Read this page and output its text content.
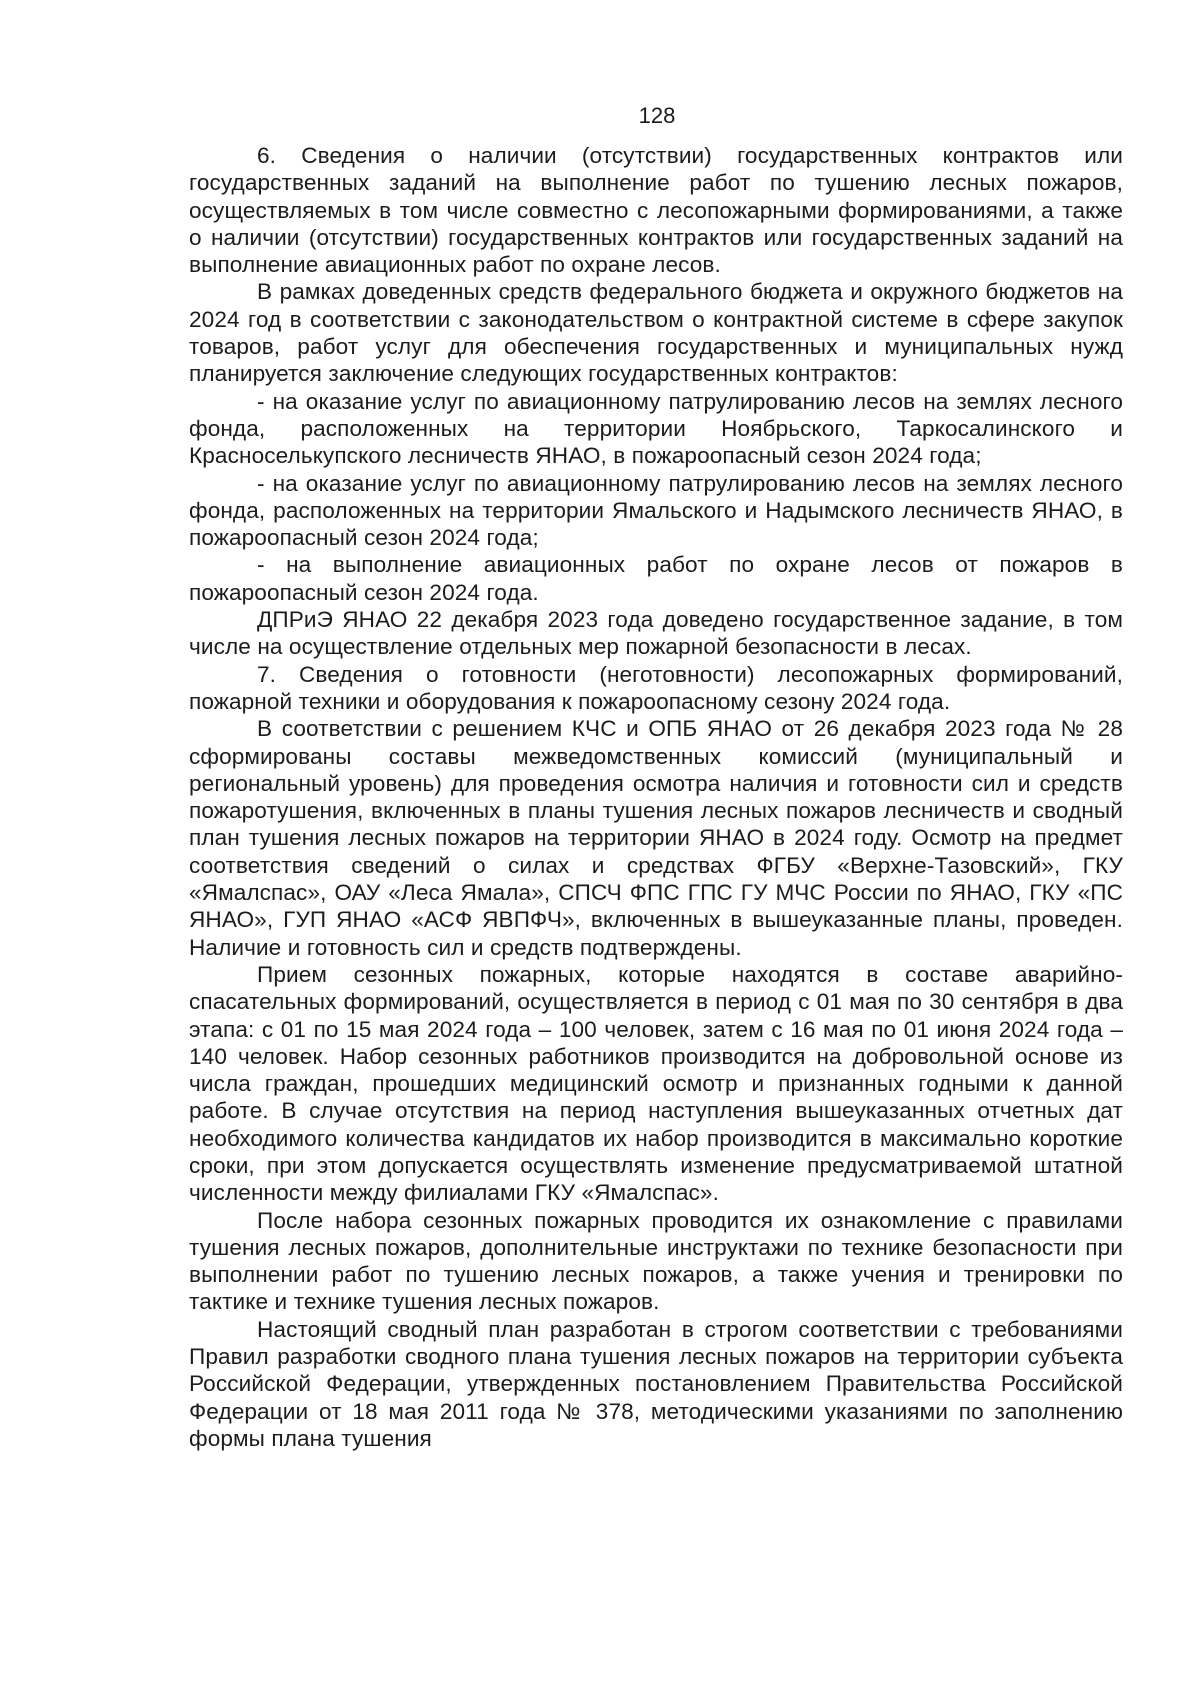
128

6. Сведения о наличии (отсутствии) государственных контрактов или государственных заданий на выполнение работ по тушению лесных пожаров, осуществляемых в том числе совместно с лесопожарными формированиями, а также о наличии (отсутствии) государственных контрактов или государственных заданий на выполнение авиационных работ по охране лесов.

В рамках доведенных средств федерального бюджета и окружного бюджетов на 2024 год в соответствии с законодательством о контрактной системе в сфере закупок товаров, работ услуг для обеспечения государственных и муниципальных нужд планируется заключение следующих государственных контрактов:

- на оказание услуг по авиационному патрулированию лесов на землях лесного фонда, расположенных на территории Ноябрьского, Таркосалинского и Красноселькупского лесничеств ЯНАО, в пожароопасный сезон 2024 года;

- на оказание услуг по авиационному патрулированию лесов на землях лесного фонда, расположенных на территории Ямальского и Надымского лесничеств ЯНАО, в пожароопасный сезон 2024 года;

- на выполнение авиационных работ по охране лесов от пожаров в пожароопасный сезон 2024 года.

ДПРиЭ ЯНАО 22 декабря 2023 года доведено государственное задание, в том числе на осуществление отдельных мер пожарной безопасности в лесах.

7. Сведения о готовности (неготовности) лесопожарных формирований, пожарной техники и оборудования к пожароопасному сезону 2024 года.

В соответствии с решением КЧС и ОПБ ЯНАО от 26 декабря 2023 года № 28 сформированы составы межведомственных комиссий (муниципальный и региональный уровень) для проведения осмотра наличия и готовности сил и средств пожаротушения, включенных в планы тушения лесных пожаров лесничеств и сводный план тушения лесных пожаров на территории ЯНАО в 2024 году. Осмотр на предмет соответствия сведений о силах и средствах ФГБУ «Верхне-Тазовский», ГКУ «Ямалспас», ОАУ «Леса Ямала», СПСЧ ФПС ГПС ГУ МЧС России по ЯНАО, ГКУ «ПС ЯНАО», ГУП ЯНАО «АСФ ЯВПФЧ», включенных в вышеуказанные планы, проведен. Наличие и готовность сил и средств подтверждены.

Прием сезонных пожарных, которые находятся в составе аварийно-спасательных формирований, осуществляется в период с 01 мая по 30 сентября в два этапа: с 01 по 15 мая 2024 года – 100 человек, затем с 16 мая по 01 июня 2024 года – 140 человек. Набор сезонных работников производится на добровольной основе из числа граждан, прошедших медицинский осмотр и признанных годными к данной работе. В случае отсутствия на период наступления вышеуказанных отчетных дат необходимого количества кандидатов их набор производится в максимально короткие сроки, при этом допускается осуществлять изменение предусматриваемой штатной численности между филиалами ГКУ «Ямалспас».

После набора сезонных пожарных проводится их ознакомление с правилами тушения лесных пожаров, дополнительные инструктажи по технике безопасности при выполнении работ по тушению лесных пожаров, а также учения и тренировки по тактике и технике тушения лесных пожаров.

Настоящий сводный план разработан в строгом соответствии с требованиями Правил разработки сводного плана тушения лесных пожаров на территории субъекта Российской Федерации, утвержденных постановлением Правительства Российской Федерации от 18 мая 2011 года № 378, методическими указаниями по заполнению формы плана тушения
